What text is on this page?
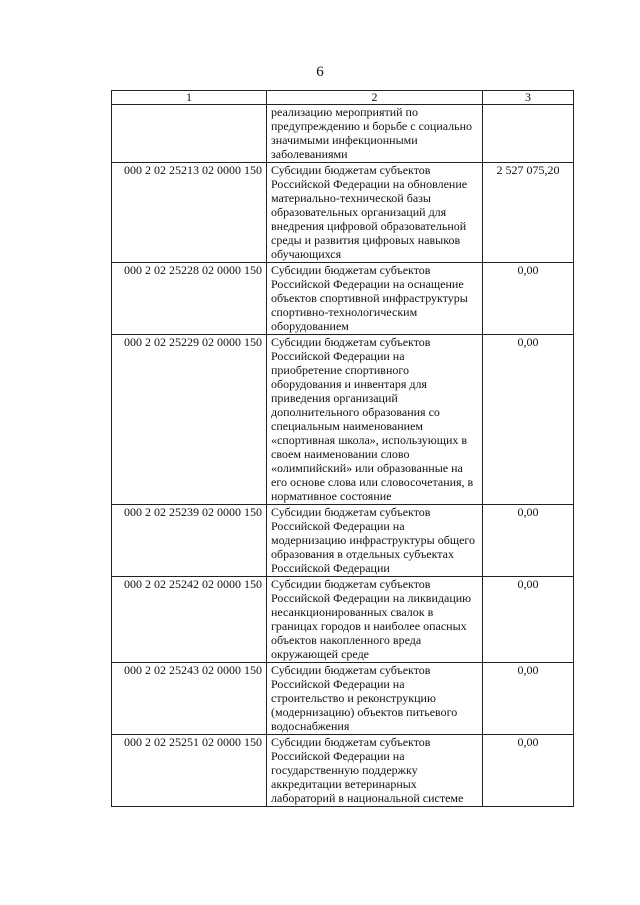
6
1	2	3
	реализацию мероприятий по предупреждению и борьбе с социально значимыми инфекционными заболеваниями	
000 2 02 25213 02 0000 150	Субсидии бюджетам субъектов Российской Федерации на обновление материально-технической базы образовательных организаций для внедрения цифровой образовательной среды и развития цифровых навыков обучающихся	2 527 075,20
000 2 02 25228 02 0000 150	Субсидии бюджетам субъектов Российской Федерации на оснащение объектов спортивной инфраструктуры спортивно-технологическим оборудованием	0,00
000 2 02 25229 02 0000 150	Субсидии бюджетам субъектов Российской Федерации на приобретение спортивного оборудования и инвентаря для приведения организаций дополнительного образования со специальным наименованием «спортивная школа», использующих в своем наименовании слово «олимпийский» или образованные на его основе слова или словосочетания, в нормативное состояние	0,00
000 2 02 25239 02 0000 150	Субсидии бюджетам субъектов Российской Федерации на модернизацию инфраструктуры общего образования в отдельных субъектах Российской Федерации	0,00
000 2 02 25242 02 0000 150	Субсидии бюджетам субъектов Российской Федерации на ликвидацию несанкционированных свалок в границах городов и наиболее опасных объектов накопленного вреда окружающей среде	0,00
000 2 02 25243 02 0000 150	Субсидии бюджетам субъектов Российской Федерации на строительство и реконструкцию (модернизацию) объектов питьевого водоснабжения	0,00
000 2 02 25251 02 0000 150	Субсидии бюджетам субъектов Российской Федерации на государственную поддержку аккредитации ветеринарных лабораторий в национальной системе	0,00
